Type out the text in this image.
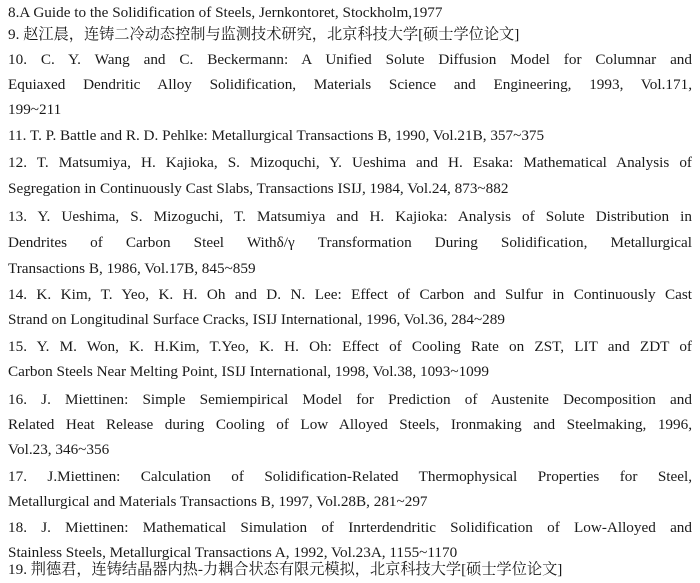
8.A Guide to the Solidification of Steels, Jernkontoret, Stockholm,1977
9. 赵江晨，连铸二冷动态控制与监测技术研究，北京科技大学[硕士学位论文]
10. C. Y. Wang and C. Beckermann: A Unified Solute Diffusion Model for Columnar and
Equiaxed Dendritic Alloy Solidification, Materials Science and Engineering, 1993, Vol.171,
199~211
11. T. P. Battle and R. D. Pehlke: Metallurgical Transactions B, 1990, Vol.21B, 357~375
12. T. Matsumiya, H. Kajioka, S. Mizoquchi, Y. Ueshima and H. Esaka: Mathematical Analysis of
Segregation in Continuously Cast Slabs, Transactions ISIJ, 1984, Vol.24, 873~882
13. Y. Ueshima, S. Mizoguchi, T. Matsumiya and H. Kajioka: Analysis of Solute Distribution in
Dendrites of Carbon Steel Withδ/γ Transformation During Solidification, Metallurgical
Transactions B, 1986, Vol.17B, 845~859
14. K. Kim, T. Yeo, K. H. Oh and D. N. Lee: Effect of Carbon and Sulfur in Continuously Cast
Strand on Longitudinal Surface Cracks, ISIJ International, 1996, Vol.36, 284~289
15. Y. M. Won, K. H.Kim, T.Yeo, K. H. Oh: Effect of Cooling Rate on ZST, LIT and ZDT of
Carbon Steels Near Melting Point, ISIJ International, 1998, Vol.38, 1093~1099
16. J. Miettinen: Simple Semiempirical Model for Prediction of Austenite Decomposition and
Related Heat Release during Cooling of Low Alloyed Steels, Ironmaking and Steelmaking, 1996,
Vol.23, 346~356
17. J.Miettinen: Calculation of Solidification-Related Thermophysical Properties for Steel,
Metallurgical and Materials Transactions B, 1997, Vol.28B, 281~297
18. J. Miettinen: Mathematical Simulation of Inrterdendritic Solidification of Low-Alloyed and
Stainless Steels, Metallurgical Transactions A, 1992, Vol.23A, 1155~1170
19. 荆德君，连铸结晶器内热-力耦合状态有限元模拟，北京科技大学[硕士学位论文]
